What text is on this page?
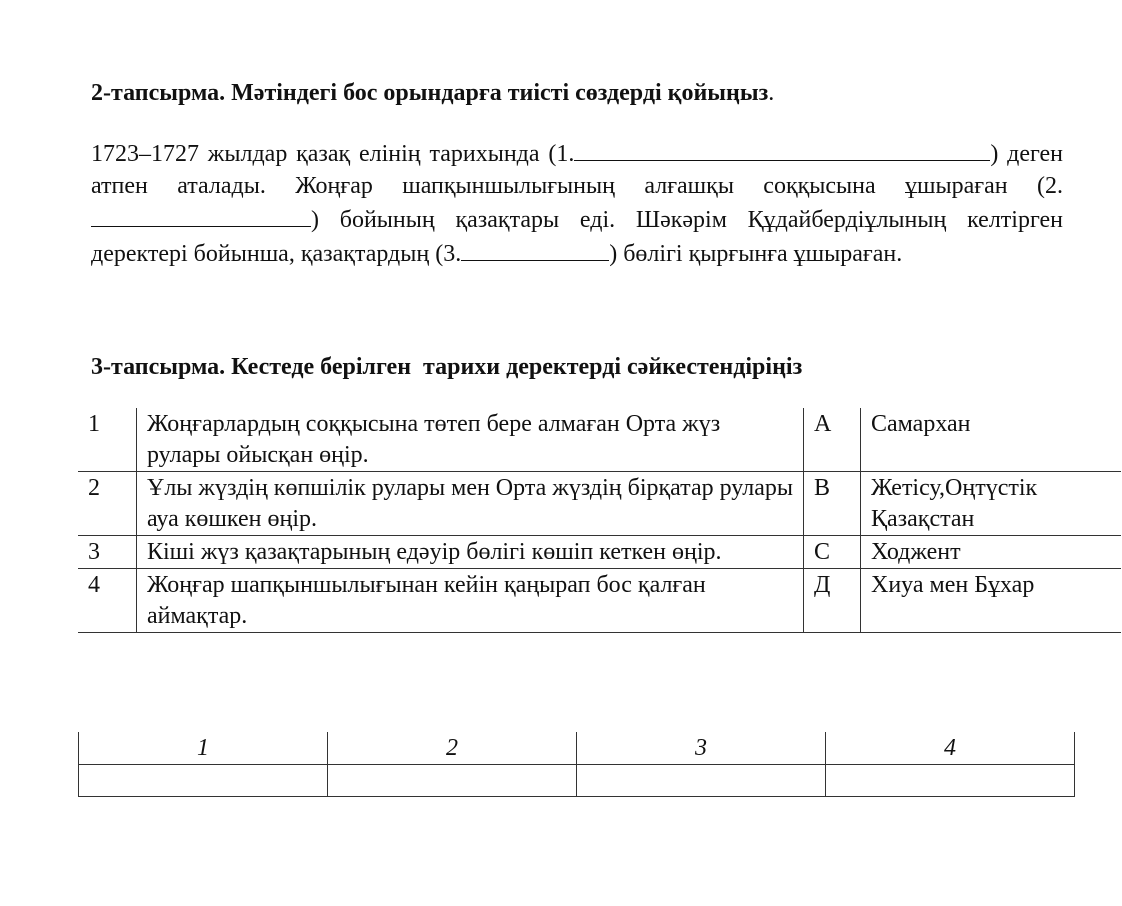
2-тапсырма. Мәтіндегі бос орындарға тиісті сөздерді қойыңыз.

1723–1727 жылдар қазақ елінің тарихында (1.	) деген атпен аталады. Жоңғар шапқыншылығының алғашқы соққысына ұшыраған (2.) бойының қазақтары еді. Шәкәрім Құдайбердіұлының келтірген деректері бойынша, қазақтардың (3.	) бөлігі қырғынға ұшыраған.

3-тапсырма. Кестеде берілген  тарихи деректерді сәйкестендіріңіз
1	Жоңғарлардың соққысына төтеп бере алмаған Орта жүз рулары ойысқан өңір.	А	Самархан
2	Ұлы жүздің көпшілік рулары мен Орта жүздің бірқатар рулары ауа көшкен өңір.	В	Жетісу,Оңтүстік Қазақстан
3	Кіші жүз қазақтарының едәуір бөлігі көшіп кеткен өңір.	С	Ходжент
4	Жоңғар шапқыншылығынан кейін қаңырап бос қалған аймақтар.	Д	Хиуа мен Бұхар
1	2	3	4
